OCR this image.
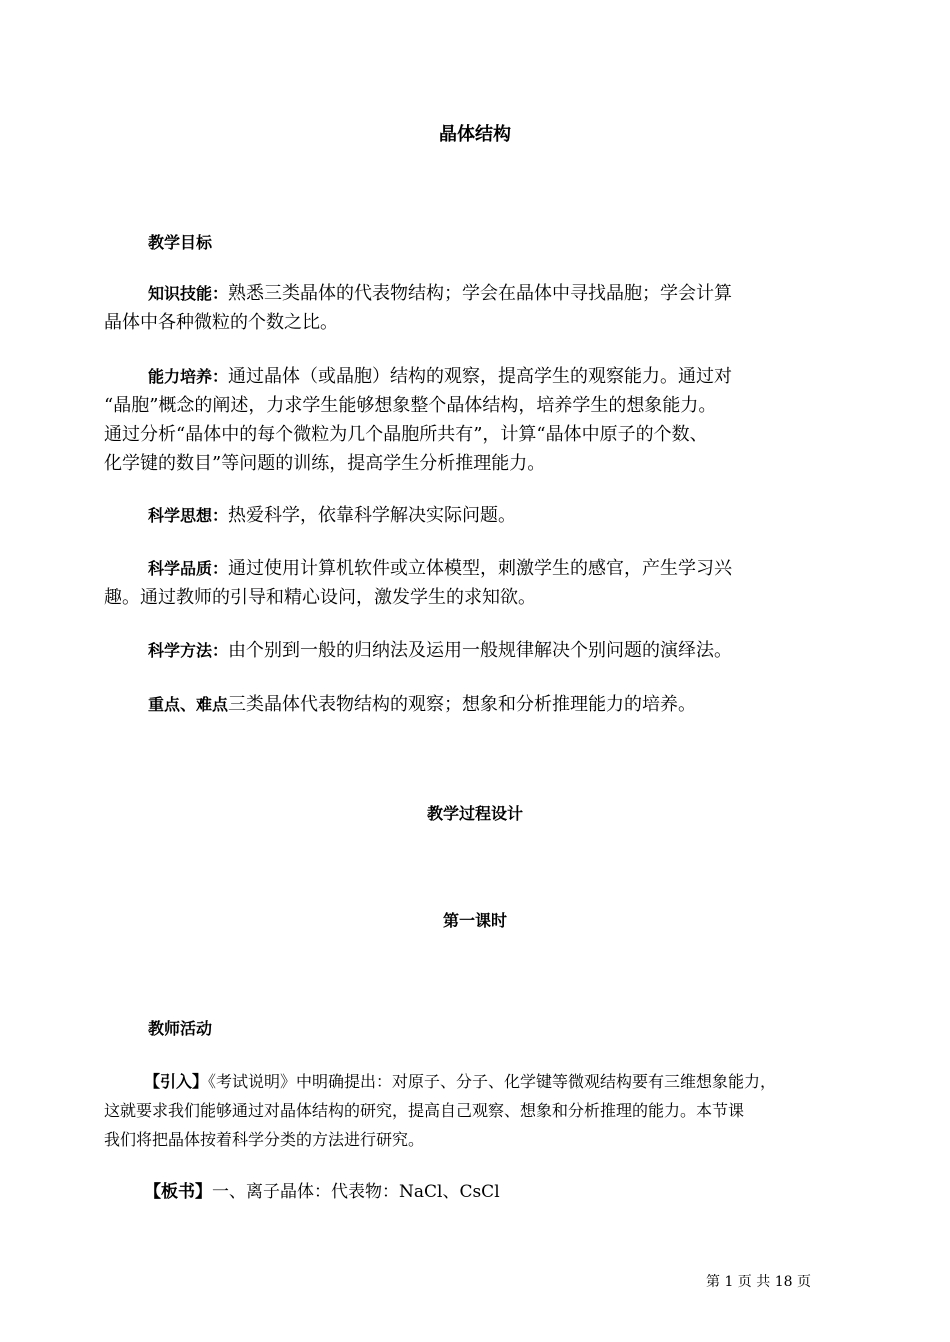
晶体结构
教学目标
知识技能：熟悉三类晶体的代表物结构；学会在晶体中寻找晶胞；学会计算
晶体中各种微粒的个数之比。
能力培养：通过晶体（或晶胞）结构的观察，提高学生的观察能力。通过对
“晶胞”概念的阐述，力求学生能够想象整个晶体结构，培养学生的想象能力。
通过分析“晶体中的每个微粒为几个晶胞所共有”，计算“晶体中原子的个数、
化学键的数目”等问题的训练，提高学生分析推理能力。
科学思想：热爱科学，依靠科学解决实际问题。
科学品质：通过使用计算机软件或立体模型，刺激学生的感官，产生学习兴
趣。通过教师的引导和精心设问，激发学生的求知欲。
科学方法：由个别到一般的归纳法及运用一般规律解决个别问题的演绎法。
重点、难点三类晶体代表物结构的观察；想象和分析推理能力的培养。
教学过程设计
第一课时
教师活动
【引入】《考试说明》中明确提出：对原子、分子、化学键等微观结构要有三维想象能力，
这就要求我们能够通过对晶体结构的研究，提高自己观察、想象和分析推理的能力。本节课
我们将把晶体按着科学分类的方法进行研究。
【板书】一、离子晶体：代表物：NaCl、CsCl
第 1 页 共 18 页
